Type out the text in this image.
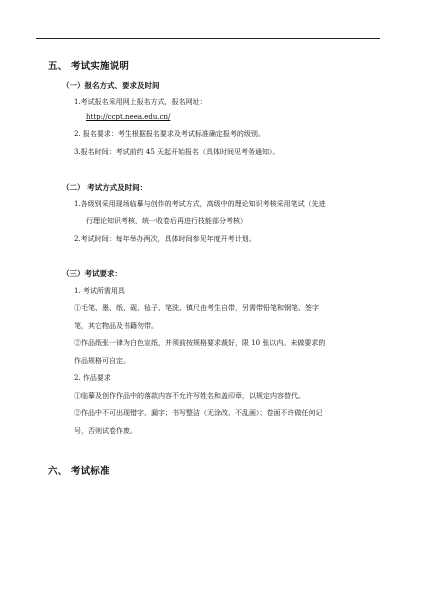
五、 考试实施说明
（一）报名方式、要求及时间
1.考试报名采用网上报名方式，报名网址：
http://ccpt.neea.edu.cn/
2. 报名要求：考生根据报名要求及考试标准确定报考的级别。
3.报名时间：考试前约 45 天起开始报名（具体时间见考务通知）。
（二） 考试方式及时间：
1.各级别采用现场临摹与创作的考试方式，高级中的理论知识考核采用笔试（先进
行理论知识考核，统一收卷后再进行技能部分考核）
2.考试时间：每年举办两次，具体时间参见年度开考计划。
（三）考试要求：
1. 考试所需用具
①毛笔、墨、纸、砚、毡子、笔洗、镇尺由考生自带，另需带铅笔和钢笔、签字
笔，其它物品及书籍勿带。
②作品纸张一律为白色宣纸，并须前按规格要求裁好，限 10 张以内。未做要求的
作品规格可自定。
2. 作品要求
①临摹及创作作品中的落款内容不允许写姓名和盖印章，以规定内容替代。
②作品中不可出现错字、漏字；书写整洁（无涂改、不乱画）；卷面不许做任何记
号，否则试卷作废。
六、 考试标准
